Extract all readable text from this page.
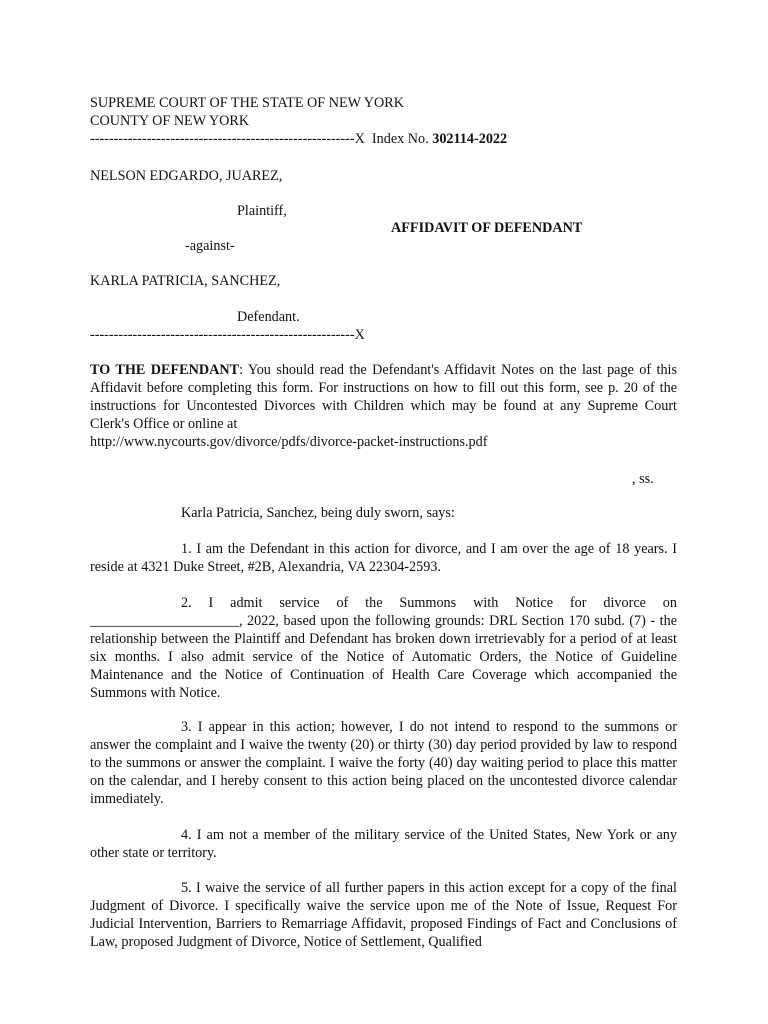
SUPREME COURT OF THE STATE OF NEW YORK
COUNTY OF NEW YORK
--------------------------------------------------------X Index No. 302114-2022
NELSON EDGARDO, JUAREZ,
Plaintiff,
AFFIDAVIT OF DEFENDANT
-against-
KARLA PATRICIA, SANCHEZ,
Defendant.
--------------------------------------------------------X

TO THE DEFENDANT: You should read the Defendant's Affidavit Notes on the last page of this Affidavit before completing this form. For instructions on how to fill out this form, see p. 20 of the instructions for Uncontested Divorces with Children which may be found at any Supreme Court Clerk's Office or online at

http://www.nycourts.gov/divorce/pdfs/divorce-packet-instructions.pdf
, ss.
Karla Patricia, Sanchez, being duly sworn, says:

1. I am the Defendant in this action for divorce, and I am over the age of 18 years. I reside at 4321 Duke Street, #2B, Alexandria, VA 22304-2593.

2. I admit service of the Summons with Notice for divorce on _____________________, 2022, based upon the following grounds: DRL Section 170 subd. (7) - the relationship between the Plaintiff and Defendant has broken down irretrievably for a period of at least six months. I also admit service of the Notice of Automatic Orders, the Notice of Guideline Maintenance and the Notice of Continuation of Health Care Coverage which accompanied the Summons with Notice.

3. I appear in this action; however, I do not intend to respond to the summons or answer the complaint and I waive the twenty (20) or thirty (30) day period provided by law to respond to the summons or answer the complaint. I waive the forty (40) day waiting period to place this matter on the calendar, and I hereby consent to this action being placed on the uncontested divorce calendar immediately.

4. I am not a member of the military service of the United States, New York or any other state or territory.

5. I waive the service of all further papers in this action except for a copy of the final Judgment of Divorce. I specifically waive the service upon me of the Note of Issue, Request For Judicial Intervention, Barriers to Remarriage Affidavit, proposed Findings of Fact and Conclusions of Law, proposed Judgment of Divorce, Notice of Settlement, Qualified
